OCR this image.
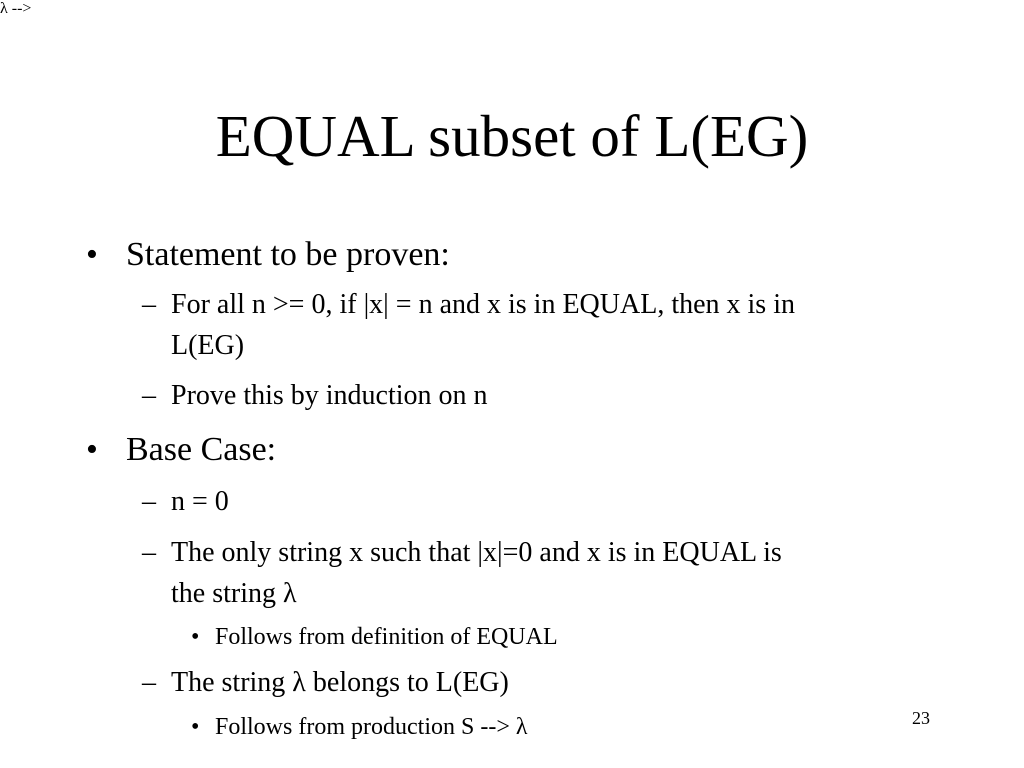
EQUAL subset of L(EG)
• Statement to be proven:
– For all n >= 0, if |x| = n and x is in EQUAL, then x is in
L(EG)
– Prove this by induction on n
• Base Case:
– n = 0
– The only string x such that |x|=0 and x is in EQUAL is
the string λ
• Follows from definition of EQUAL
– The string λ belongs to L(EG)
λ -->
• Follows from production S --> λ	23
